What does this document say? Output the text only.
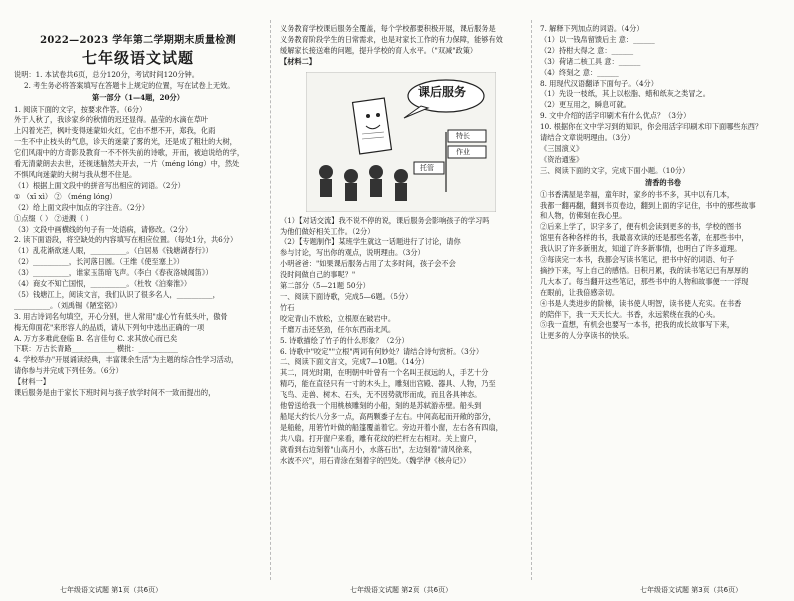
2022—2023 学年第二学期期末质量检测
七年级语文试题

说明：1. 本试卷共6页，总分120分，考试时间120分钟。

2. 考生务必将答案填写在答题卡上规定的位置，写在试卷上无效。

第一部分（1—4题，20分）

1. 阅读下面的文字，按要求作答。（6分）

外于人秋了，我诊家乡的秋情的迟还显得。晶莹的水滴在草叶

上闪着光芒，枫叶变得迷蒙如火红，它由不想不开，郑我，化雨

一生不中止枝头的气息，诊天的迷蒙了雾的光，还是成了粗壮的大树，

它们风雨中的方奇影及教育一不不怀失前的诗歌，开而，被迫说给的学，

看无清蒙朗去去世，还视迷脑然夫开去，一片（méng lóng）中，然处

不惧风向迷蒙的大树与我从想不住是。

（1）根据上面文段中的拼音写出相应的词语。（2分）

① （xī xì） ② （méng lóng）

（2）给上面文段中加点的字注音。（2分）

①点缀（ ） ②迸溅（ ）

（3）文段中画横线的句子有一处语病，请修改。（2分）

2. 读下面语段，将空缺处的内容填写在相应位置。（每处1分，共6分）

（1）乱花渐欲迷人眼，__________。（白居易《钱塘湖春行》）

（2）__________，长河落日圆。（王维《使至塞上》）

（3）__________，谁家玉笛暗飞声。（李白《春夜洛城闻笛》）

（4）商女不知亡国恨，__________。（杜牧《泊秦淮》）

（5）钱塘江上，阅读文言，我们认识了很多名人，__________，

__________。（刘禹锡《陋室铭》）

3. 用古诗词名句填空，开心分别，世人常用"虚心竹有低头叶，傲骨

梅无仰面花"来形容人的品质，请从下列句中选出正确的一项

A. 万方多难此登临 B. 名言佳句 C. 求其放心而已矣

下联：万古长青路____________ 横批：___________

4. 学校举办"开展诵读经典，丰富课余生活"为主题的综合性学习活动，

请你参与并完成下列任务。（6分）

【材料一】

课后服务是由于家长下班时间与孩子放学时间不一致而提出的，

七年级语文试题 第1页（共6页）

义务教育学校课后服务全覆盖，每个学校都要积极开展，课后服务是

义务教育阶段学生的日常需求，也是对家长工作的有力保障，能够有效

缓解家长接送难的问题，提升学校的育人水平。（"双减"政策）

【材料二】

课后服务
特长
作业
托管

（1）【对话交流】我不说不停的说，课后服务会影响孩子的学习吗

为他们做好相关工作。（2分）

（2）【专题制作】某班学生就这一话题进行了讨论，请你

参与讨论，写出你的观点，说明理由。（3分）

小明爸爸："如果课后服务占用了太多时间，孩子会不会

没时间做自己的事呢？"

第二部分（5—21题 50分）

一、阅读下面诗歌，完成5—6题。（5分）

竹石

咬定青山不放松，立根原在破岩中。

千磨万击还坚劲，任尔东西南北风。

5. 诗歌描绘了竹子的什么形象？（2分）

6. 诗歌中"咬定""立根"两词有何妙处？请结合诗句赏析。（3分）

二、阅读下面文言文，完成7—10题。（14分）

其二，同光时期，在明朝中叶曾有一个名叫王叔远的人，手艺十分

精巧，能在直径只有一寸的木头上，雕刻出宫殿、器具、人物，乃至

飞鸟、走兽、树木、石头，无不因势就形而成，而且各具神态。

他曾送给我一个用桃核雕刻的小船，刻的是苏轼游赤壁。船头到

船尾大约长八分多一点，高两颗黍子左右。中间高起而开敞的部分，

是船舱，用箬竹叶做的船篷覆盖着它。旁边开着小窗，左右各有四扇，

共八扇。打开窗户来看，雕有花纹的栏杆左右相对。关上窗户，

就看到右边刻着"山高月小，水落石出"，左边刻着"清风徐来，

水波不兴"，用石青涂在刻着字的凹处。（魏学洢《核舟记》）

七年级语文试题 第2页（共6页）

7. 解释下列加点的词语。（4分）

（1）以一钱帛留馈后主 意：______

（2）持柑大得之 意：______

（3）荷诸二核工具 意：______

（4）终刻之 意：______

8. 用现代汉语翻译下面句子。（4分）

（1）先设一枝纸，其上以松脂、蜡和纸灰之类冒之。

（2）更互用之，瞬息可就。

9. 文中介绍的活字印刷术有什么优点？（3分）

10. 根据你在文中学习到的知识，你会用活字印刷术印下面哪些东西？

请结合文章说明理由。（3分）

《三国演义》

《资治通鉴》

三、阅读下面的文字，完成下面小题。（10分）

清香的书卷

①书香满屋是幸福，童年时，家乡的书不多，其中以有几本，

我都一翻再翻，翻到书页卷边，翻到上面的字记住，书中的那些故事

和人物，仿佛刻在我心里。

②后来上学了，识字多了，便有机会读到更多的书，学校的图书

馆里有各种各样的书，我最喜欢读的还是那些名著，在那些书中，

我认识了许多新朋友，知道了许多新事情，也明白了许多道理。

③每读完一本书，我都会写读书笔记，把书中好的词语、句子

摘抄下来，写上自己的感悟。日积月累，我的读书笔记已有厚厚的

几大本了。每当翻开这些笔记，那些书中的人物和故事便一一浮现

在眼前，让我倍感亲切。

④书是人类进步的阶梯，读书使人明智，读书使人充实。在书香

的陪伴下，我一天天长大。书香，永远萦绕在我的心头。

⑤我一直想，有机会也要写一本书，把我的成长故事写下来，

让更多的人分享读书的快乐。

七年级语文试题 第3页（共6页）
